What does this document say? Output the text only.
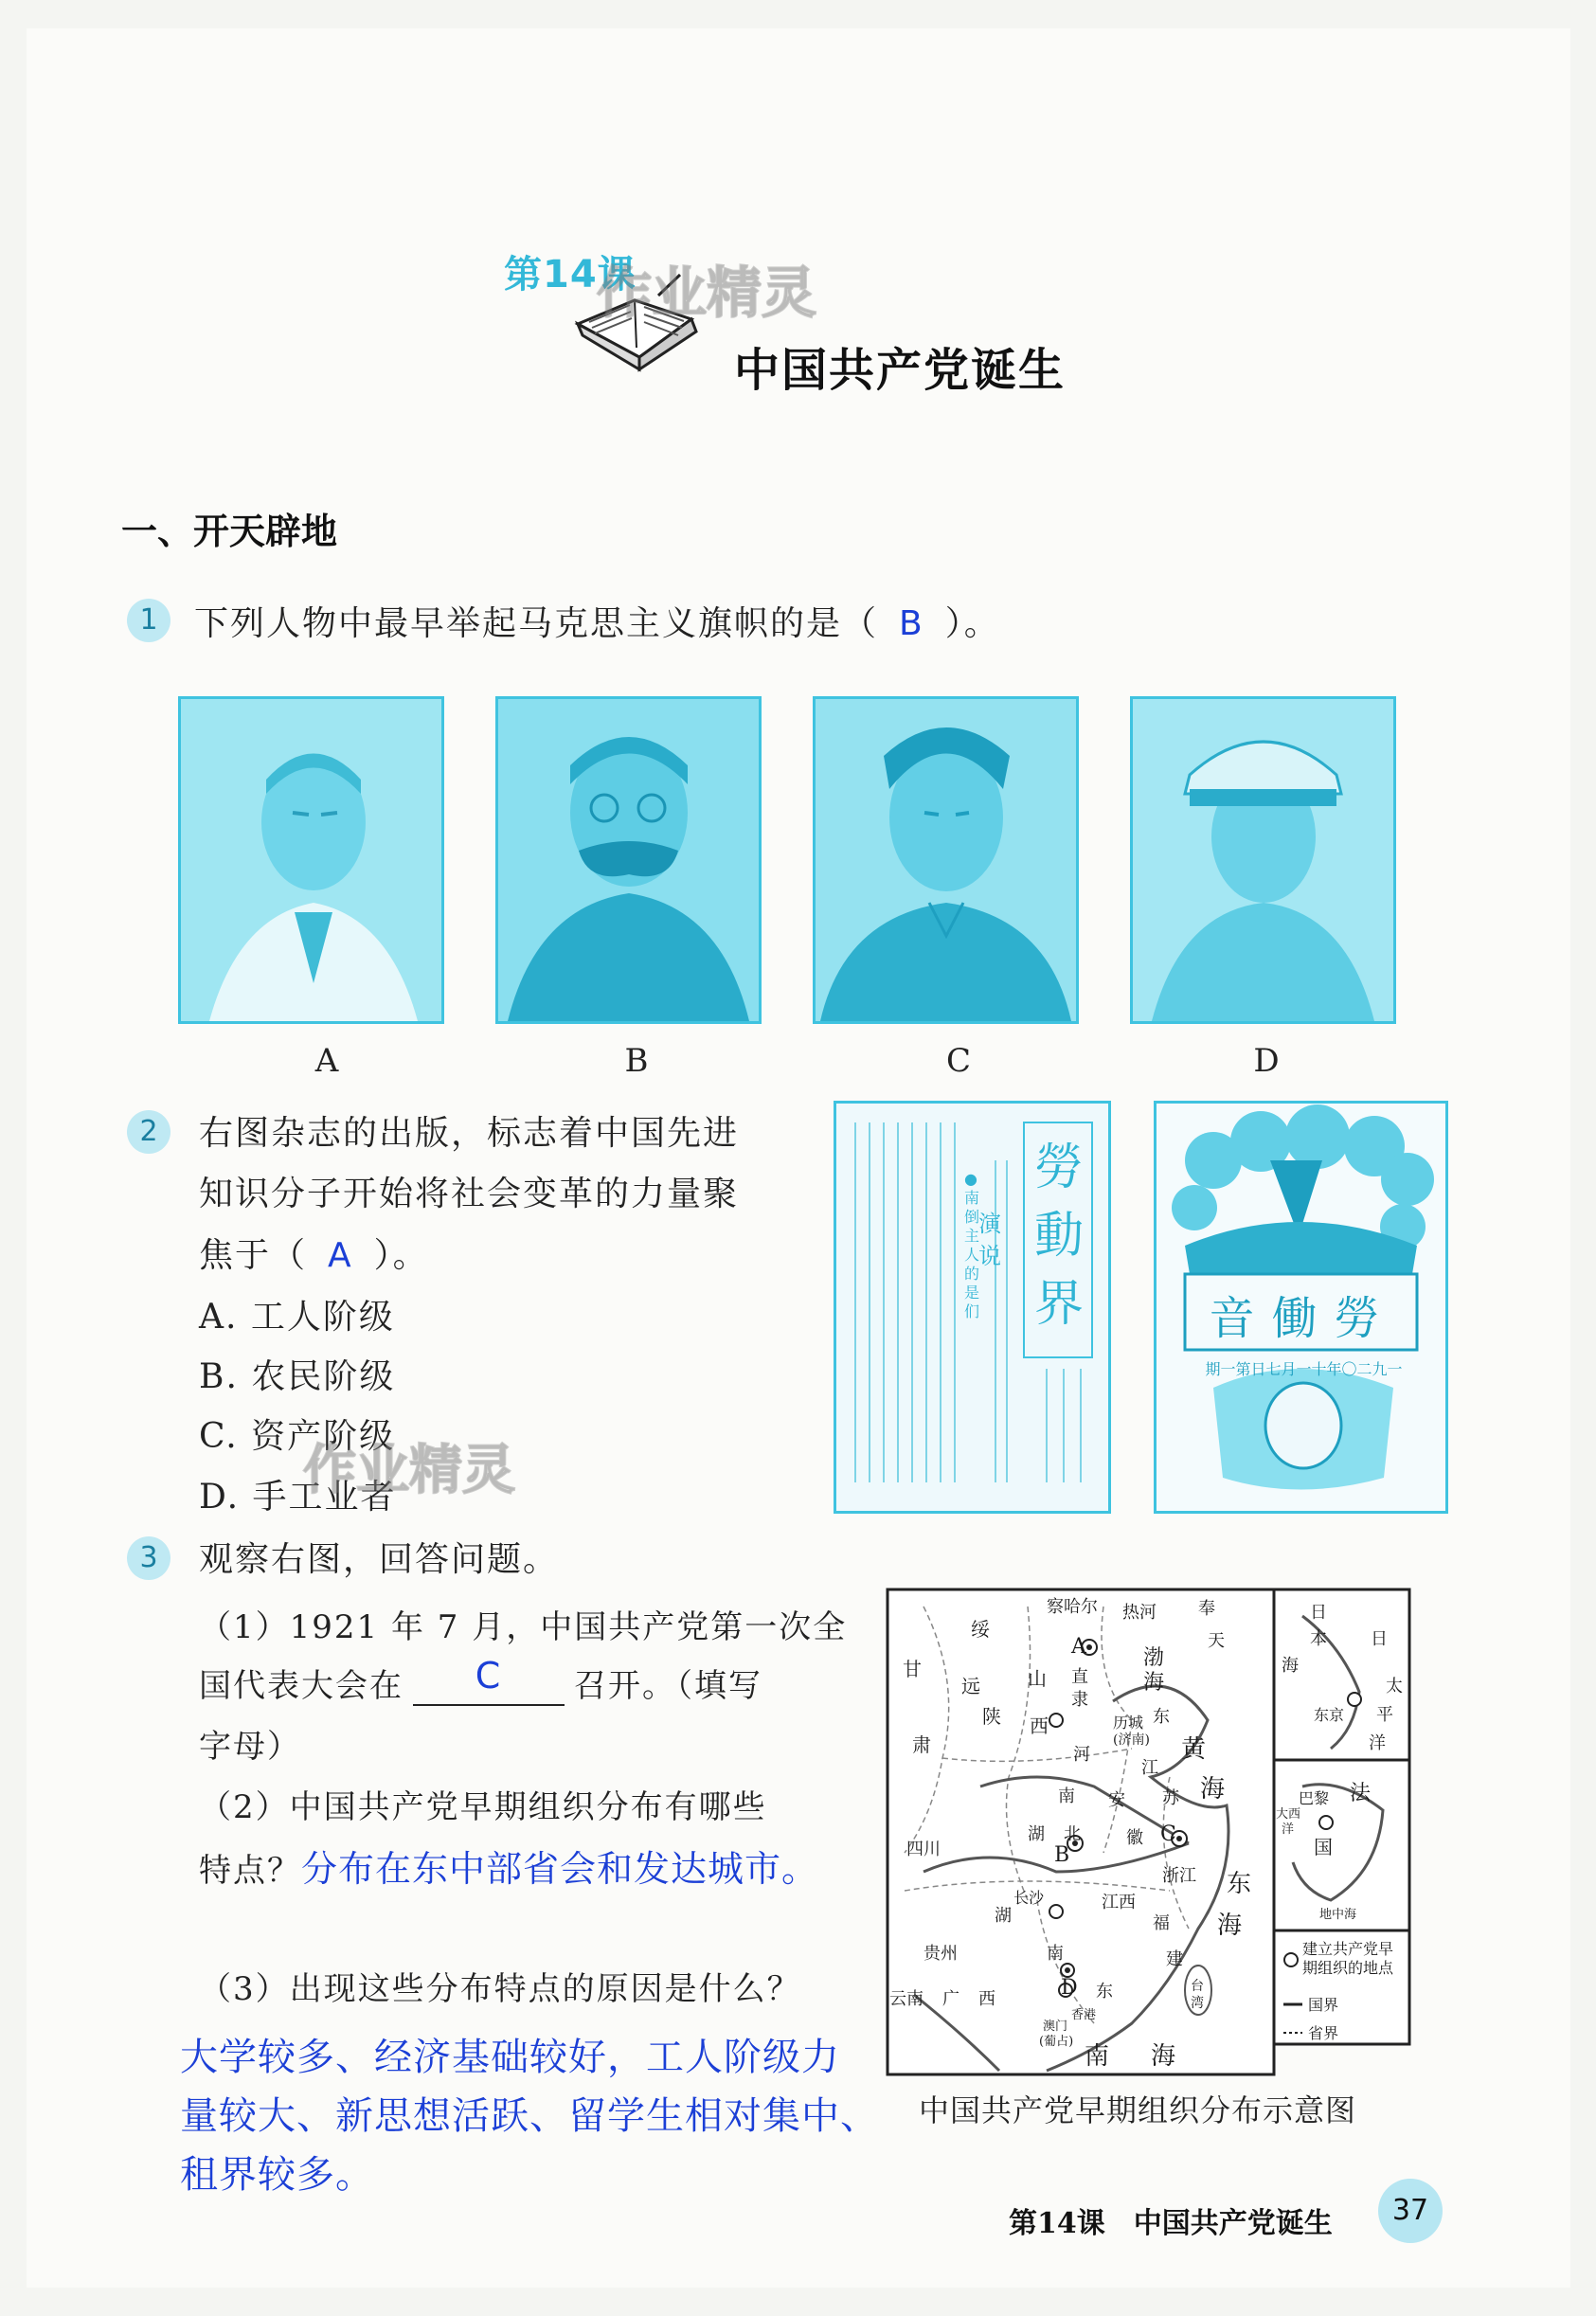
第14课
作业精灵
中国共产党诞生
一、开天辟地
1	下列人物中最早举起马克思主义旗帜的是（ B ）。
A	B	C	D
2	右图杂志的出版，标志着中国先进
知识分子开始将社会变革的力量聚
焦于（ A ）。
A. 工人阶级
B. 农民阶级
C. 资产阶级
D. 手工业者
作业精灵
勞動界
演说
●南倒主人的是们	音働勞
期一第日七月一十年〇二九一
3	观察右图，回答问题。
（1）1921 年 7 月，中国共产党第一次全
国代表大会在	C	召开。（填写
字母）
（2）中国共产党早期组织分布有哪些
特点？分布在东中部省会和发达城市。
（3）出现这些分布特点的原因是什么？
大学较多、经济基础较好，工人阶级力
量较大、新思想活跃、留学生相对集中、
租界较多。
察哈尔 热河 奉
天
绥
远
甘
肃
山
陕 西
A
直
隶
渤海
历城
(济南)
东
黄
海
河
南
江
苏
安
徽 C
湖北
B
四川
浙江 东
海
长沙
湖
江西
福
建
贵州	南
台湾
云南 广西 D 东
香港
澳门
(葡占)
南 海
日
本
海
日
太
平
洋
东京
法
国
巴黎
大西
洋
地中海
建立共产党早期组织的地点
国界
省界
中国共产党早期组织分布示意图
第14课　中国共产党诞生	37
